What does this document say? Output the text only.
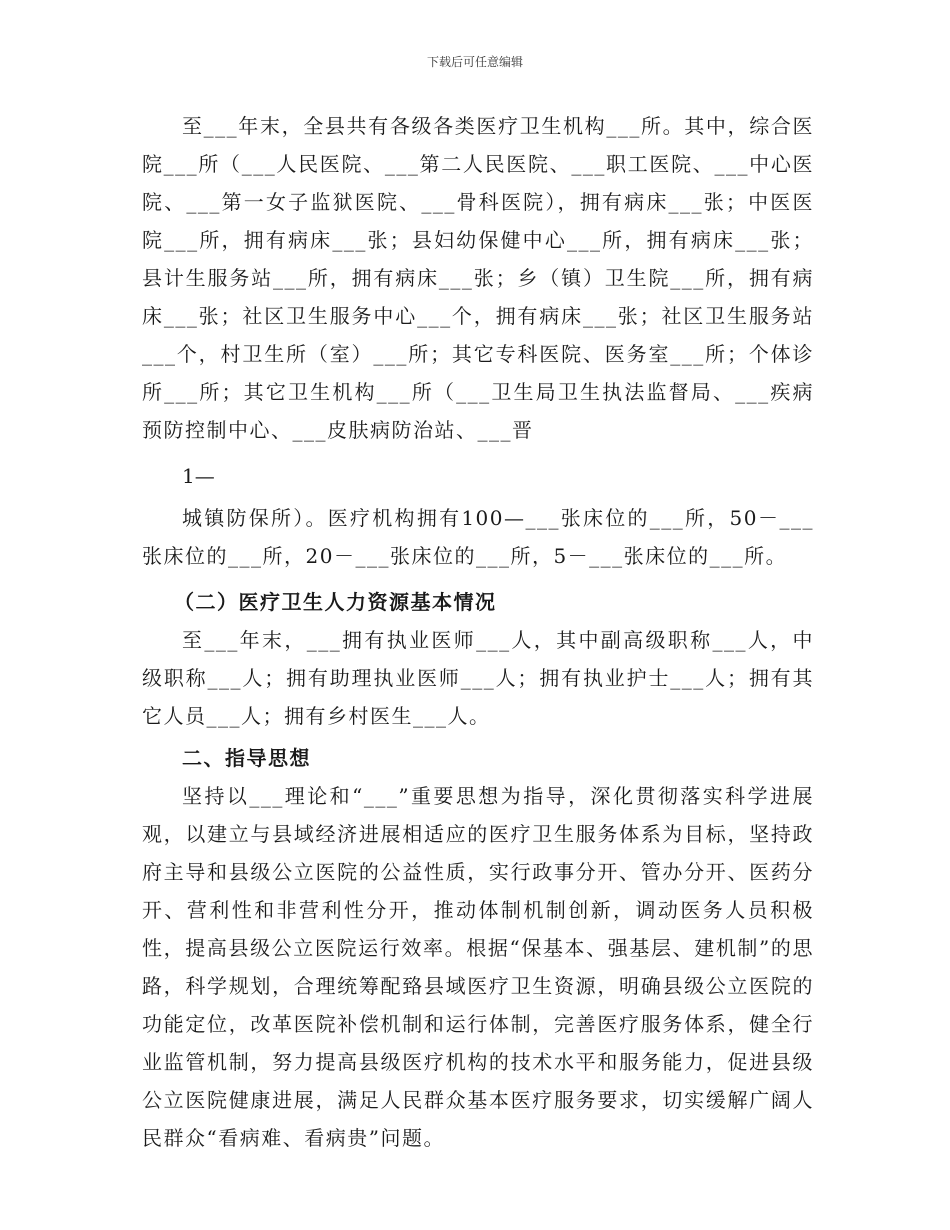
下载后可任意编辑

至___年末，全县共有各级各类医疗卫生机构___所。其中，综合医院___所（___人民医院、___第二人民医院、___职工医院、___中心医院、___第一女子监狱医院、___骨科医院），拥有病床___张；中医医院___所，拥有病床___张；县妇幼保健中心___所，拥有病床___张；县计生服务站___所，拥有病床___张；乡（镇）卫生院___所，拥有病床___张；社区卫生服务中心___个，拥有病床___张；社区卫生服务站___个，村卫生所（室）___所；其它专科医院、医务室___所；个体诊所___所；其它卫生机构___所（___卫生局卫生执法监督局、___疾病预防控制中心、___皮肤病防治站、___晋

1—

城镇防保所）。医疗机构拥有100—___张床位的___所，50－___张床位的___所，20－___张床位的___所，5－___张床位的___所。

（二）医疗卫生人力资源基本情况

至___年末，___拥有执业医师___人，其中副高级职称___人，中级职称___人；拥有助理执业医师___人；拥有执业护士___人；拥有其它人员___人；拥有乡村医生___人。

二、指导思想

坚持以___理论和“___”重要思想为指导，深化贯彻落实科学进展观，以建立与县域经济进展相适应的医疗卫生服务体系为目标，坚持政府主导和县级公立医院的公益性质，实行政事分开、管办分开、医药分开、营利性和非营利性分开，推动体制机制创新，调动医务人员积极性，提高县级公立医院运行效率。根据“保基本、强基层、建机制”的思路，科学规划，合理统筹配臵县域医疗卫生资源，明确县级公立医院的功能定位，改革医院补偿机制和运行体制，完善医疗服务体系，健全行业监管机制，努力提高县级医疗机构的技术水平和服务能力，促进县级公立医院健康进展，满足人民群众基本医疗服务要求，切实缓解广阔人民群众“看病难、看病贵”问题。
